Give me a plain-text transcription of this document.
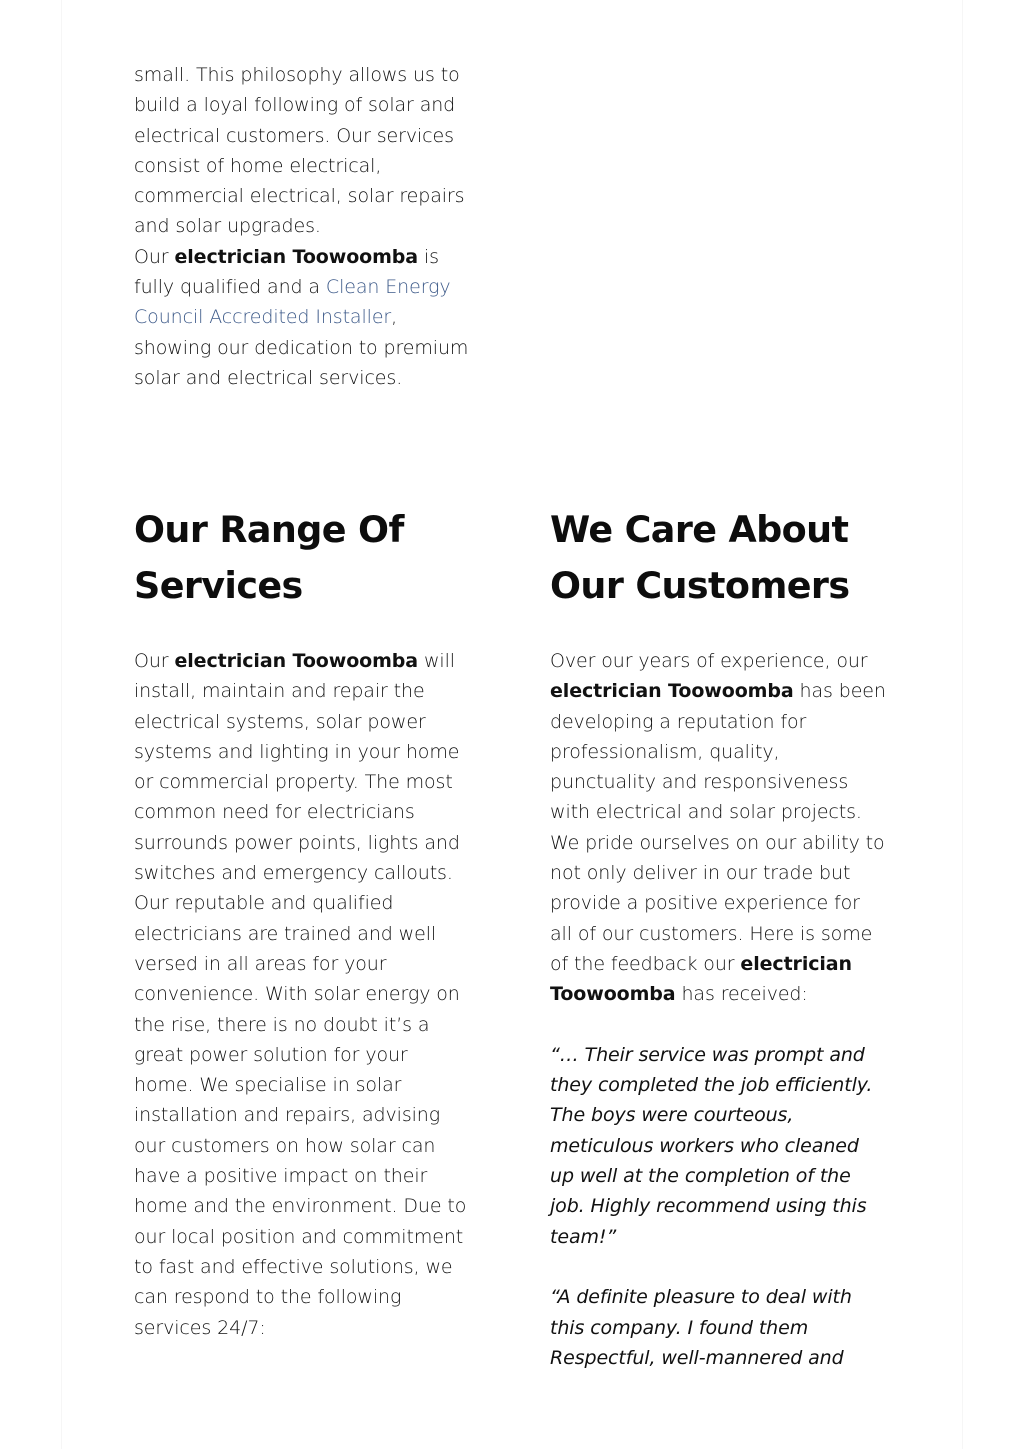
small. This philosophy allows us to build a loyal following of solar and electrical customers. Our services consist of home electrical, commercial electrical, solar repairs and solar upgrades.

Our electrician Toowoomba is fully qualified and a Clean Energy Council Accredited Installer, showing our dedication to premium solar and electrical services.

Our Range Of Services

Our electrician Toowoomba will install, maintain and repair the electrical systems, solar power systems and lighting in your home or commercial property. The most common need for electricians surrounds power points, lights and switches and emergency callouts. Our reputable and qualified electricians are trained and well versed in all areas for your convenience. With solar energy on the rise, there is no doubt it’s a great power solution for your home. We specialise in solar installation and repairs, advising our customers on how solar can have a positive impact on their home and the environment. Due to our local position and commitment to fast and effective solutions, we can respond to the following services 24/7:

We Care About Our Customers

Over our years of experience, our electrician Toowoomba has been developing a reputation for professionalism, quality, punctuality and responsiveness with electrical and solar projects. We pride ourselves on our ability to not only deliver in our trade but provide a positive experience for all of our customers. Here is some of the feedback our electrician Toowoomba has received:

“… Their service was prompt and they completed the job efficiently. The boys were courteous, meticulous workers who cleaned up well at the completion of the job. Highly recommend using this team!”

“A definite pleasure to deal with this company. I found them Respectful, well-mannered and
